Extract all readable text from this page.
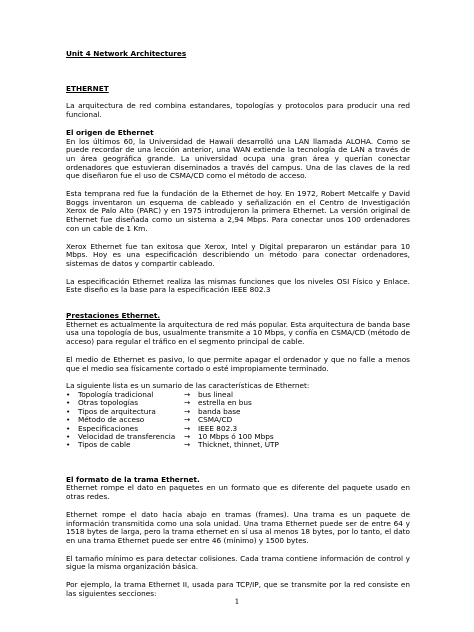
Unit 4 Network Architectures

ETHERNET

La arquitectura de red combina estandares, topologías y protocolos para producir una red funcional.

El origen de Ethernet

En los últimos 60, la Universidad de Hawaii desarrolló una LAN llamada ALOHA. Como se puede recordar de una lección anterior, una WAN extiende la tecnología de LAN a través de un área geográfica grande. La universidad ocupa una gran área y querían conectar ordenadores que estuvieran diseminados a través del campus. Una de las claves de la red que diseñaron fue el uso de CSMA/CD como el método de acceso.

Esta temprana red fue la fundación de la Ethernet de hoy. En 1972, Robert Metcalfe y David Boggs inventaron un esquema de cableado y señalización en el Centro de Investigación Xerox de Palo Alto (PARC) y en 1975 introdujeron la primera Ethernet. La versión original de Ethernet fue diseñada como un sistema a 2,94 Mbps. Para conectar unos 100 ordenadores con un cable de 1 Km.

Xerox Ethernet fue tan exitosa que Xerox, Intel y Digital prepararon un estándar para 10 Mbps. Hoy es una especificación describiendo un método para conectar ordenadores, sistemas de datos y compartir cableado.

La especificación Ethernet realiza las mismas funciones que los niveles OSI Físico y Enlace. Este diseño es la base para la especificación IEEE 802.3

Prestaciones Ethernet.

Ethernet es actualmente la arquitectura de red más popular. Esta arquitectura de banda base usa una topología de bus, usualmente transmite a 10 Mbps, y confía en CSMA/CD (método de acceso) para regular el tráfico en el segmento principal de cable.

El medio de Ethernet es pasivo, lo que permite apagar el ordenador y que no falle a menos que el medio sea físicamente cortado o esté impropiamente terminado.

La siguiente lista es un sumario de las características de Ethernet:

•	Topología tradicional	→	bus lineal
•	Otras topologías	→	estrella en bus
•	Tipos de arquitectura	→	banda base
•	Método de acceso	→	CSMA/CD
•	Especificaciones	→	IEEE 802.3
•	Velocidad de transferencia	→	10 Mbps ó 100 Mbps
•	Tipos de cable	→	Thicknet, thinnet, UTP

El formato de la trama Ethernet.

Ethernet rompe el dato en paquetes en un formato que es diferente del paquete usado en otras redes.

Ethernet rompe el dato hacia abajo en tramas (frames). Una trama es un paquete de información transmitida como una sola unidad. Una trama Ethernet puede ser de entre 64 y 1518 bytes de larga, pero la trama ethernet en sí usa al menos 18 bytes, por lo tanto, el dato en una trama Ethernet puede ser entre 46 (mínimo) y 1500 bytes.

El tamaño mínimo es para detectar colisiones. Cada trama contiene información de control y sigue la misma organización básica.

Por ejemplo, la trama Ethernet II, usada para TCP/IP, que se transmite por la red consiste en las siguientes secciones:

1
